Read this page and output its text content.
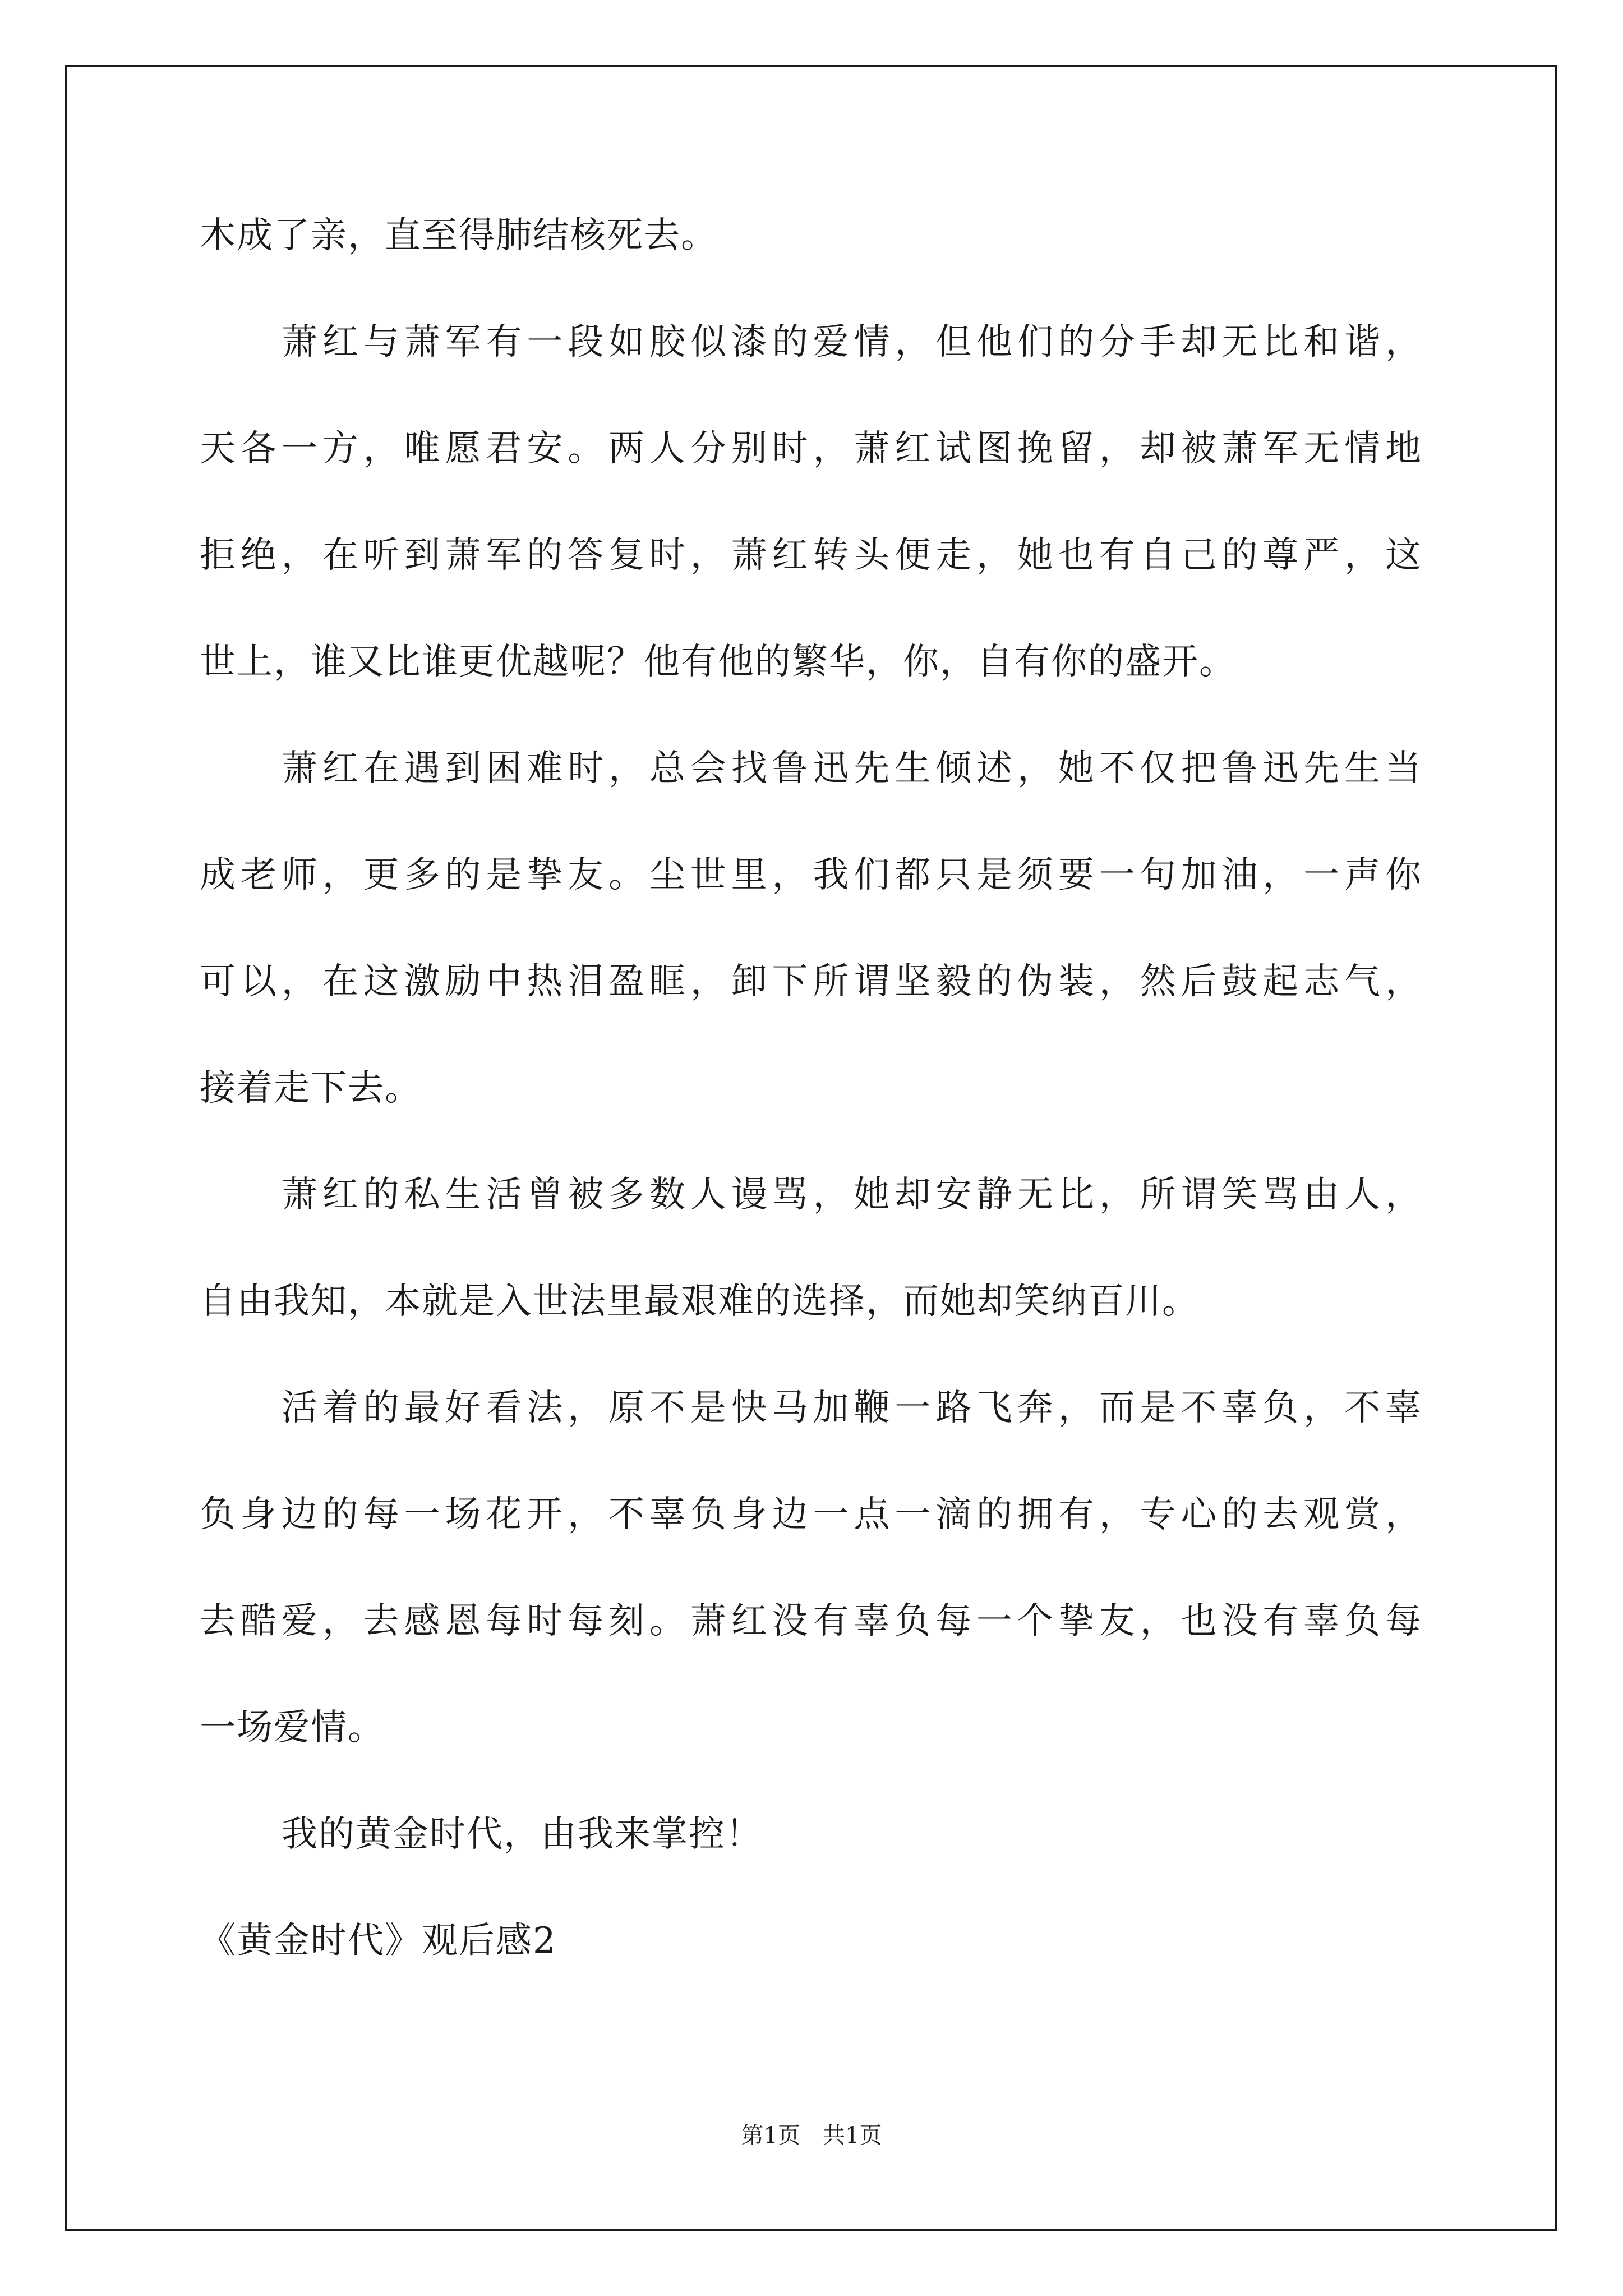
木成了亲，直至得肺结核死去。
萧红与萧军有一段如胶似漆的爱情，但他们的分手却无比和谐，
天各一方，唯愿君安。两人分别时，萧红试图挽留，却被萧军无情地
拒绝，在听到萧军的答复时，萧红转头便走，她也有自己的尊严，这
世上，谁又比谁更优越呢？他有他的繁华，你，自有你的盛开。
萧红在遇到困难时，总会找鲁迅先生倾述，她不仅把鲁迅先生当
成老师，更多的是挚友。尘世里，我们都只是须要一句加油，一声你
可以，在这激励中热泪盈眶，卸下所谓坚毅的伪装，然后鼓起志气，
接着走下去。
萧红的私生活曾被多数人谩骂，她却安静无比，所谓笑骂由人，
自由我知，本就是入世法里最艰难的选择，而她却笑纳百川。
活着的最好看法，原不是快马加鞭一路飞奔，而是不辜负，不辜
负身边的每一场花开，不辜负身边一点一滴的拥有，专心的去观赏，
去酷爱，去感恩每时每刻。萧红没有辜负每一个挚友，也没有辜负每
一场爱情。
我的黄金时代，由我来掌控！
《黄金时代》观后感2
第1页　共1页
